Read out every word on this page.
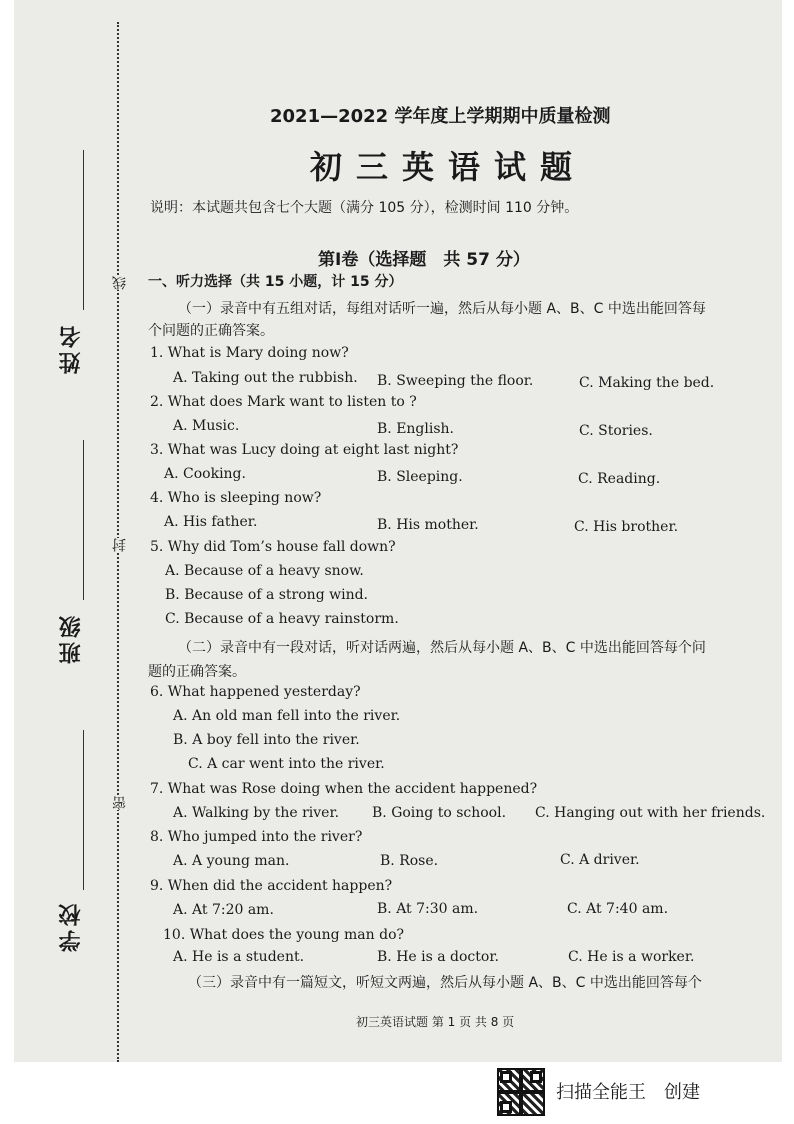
姓名
班级
学校
线
封
密
2021—2022 学年度上学期期中质量检测
初三英语试题
说明：本试题共包含七个大题（满分 105 分），检测时间 110 分钟。
第Ⅰ卷（选择题　共 57 分）
一、听力选择（共 15 小题，计 15 分）
（一）录音中有五组对话，每组对话听一遍，然后从每小题 A、B、C 中选出能回答每
个问题的正确答案。
1. What is Mary doing now?
A. Taking out the rubbish. B. Sweeping the floor.	C. Making the bed.
2. What does Mark want to listen to ?
A. Music.	B. English.	C. Stories.
3. What was Lucy doing at eight last night?
A. Cooking.	B. Sleeping.	C. Reading.
4. Who is sleeping now?
A. His father.	B. His mother.	C. His brother.
5. Why did Tom’s house fall down?
A. Because of a heavy snow.
B. Because of a strong wind.
C. Because of a heavy rainstorm.
（二）录音中有一段对话，听对话两遍，然后从每小题 A、B、C 中选出能回答每个问
题的正确答案。
6. What happened yesterday?
A. An old man fell into the river.
B. A boy fell into the river.
C. A car went into the river.
7. What was Rose doing when the accident happened?
A. Walking by the river. B. Going to school. C. Hanging out with her friends.
8. Who jumped into the river?
A. A young man.	B. Rose.	C. A driver.
9. When did the accident happen?
A. At 7:20 am.	B. At 7:30 am.	C. At 7:40 am.
10. What does the young man do?
A. He is a student.	B. He is a doctor.	C. He is a worker.
（三）录音中有一篇短文，听短文两遍，然后从每小题 A、B、C 中选出能回答每个
初三英语试题 第 1 页 共 8 页
扫描全能王　创建
